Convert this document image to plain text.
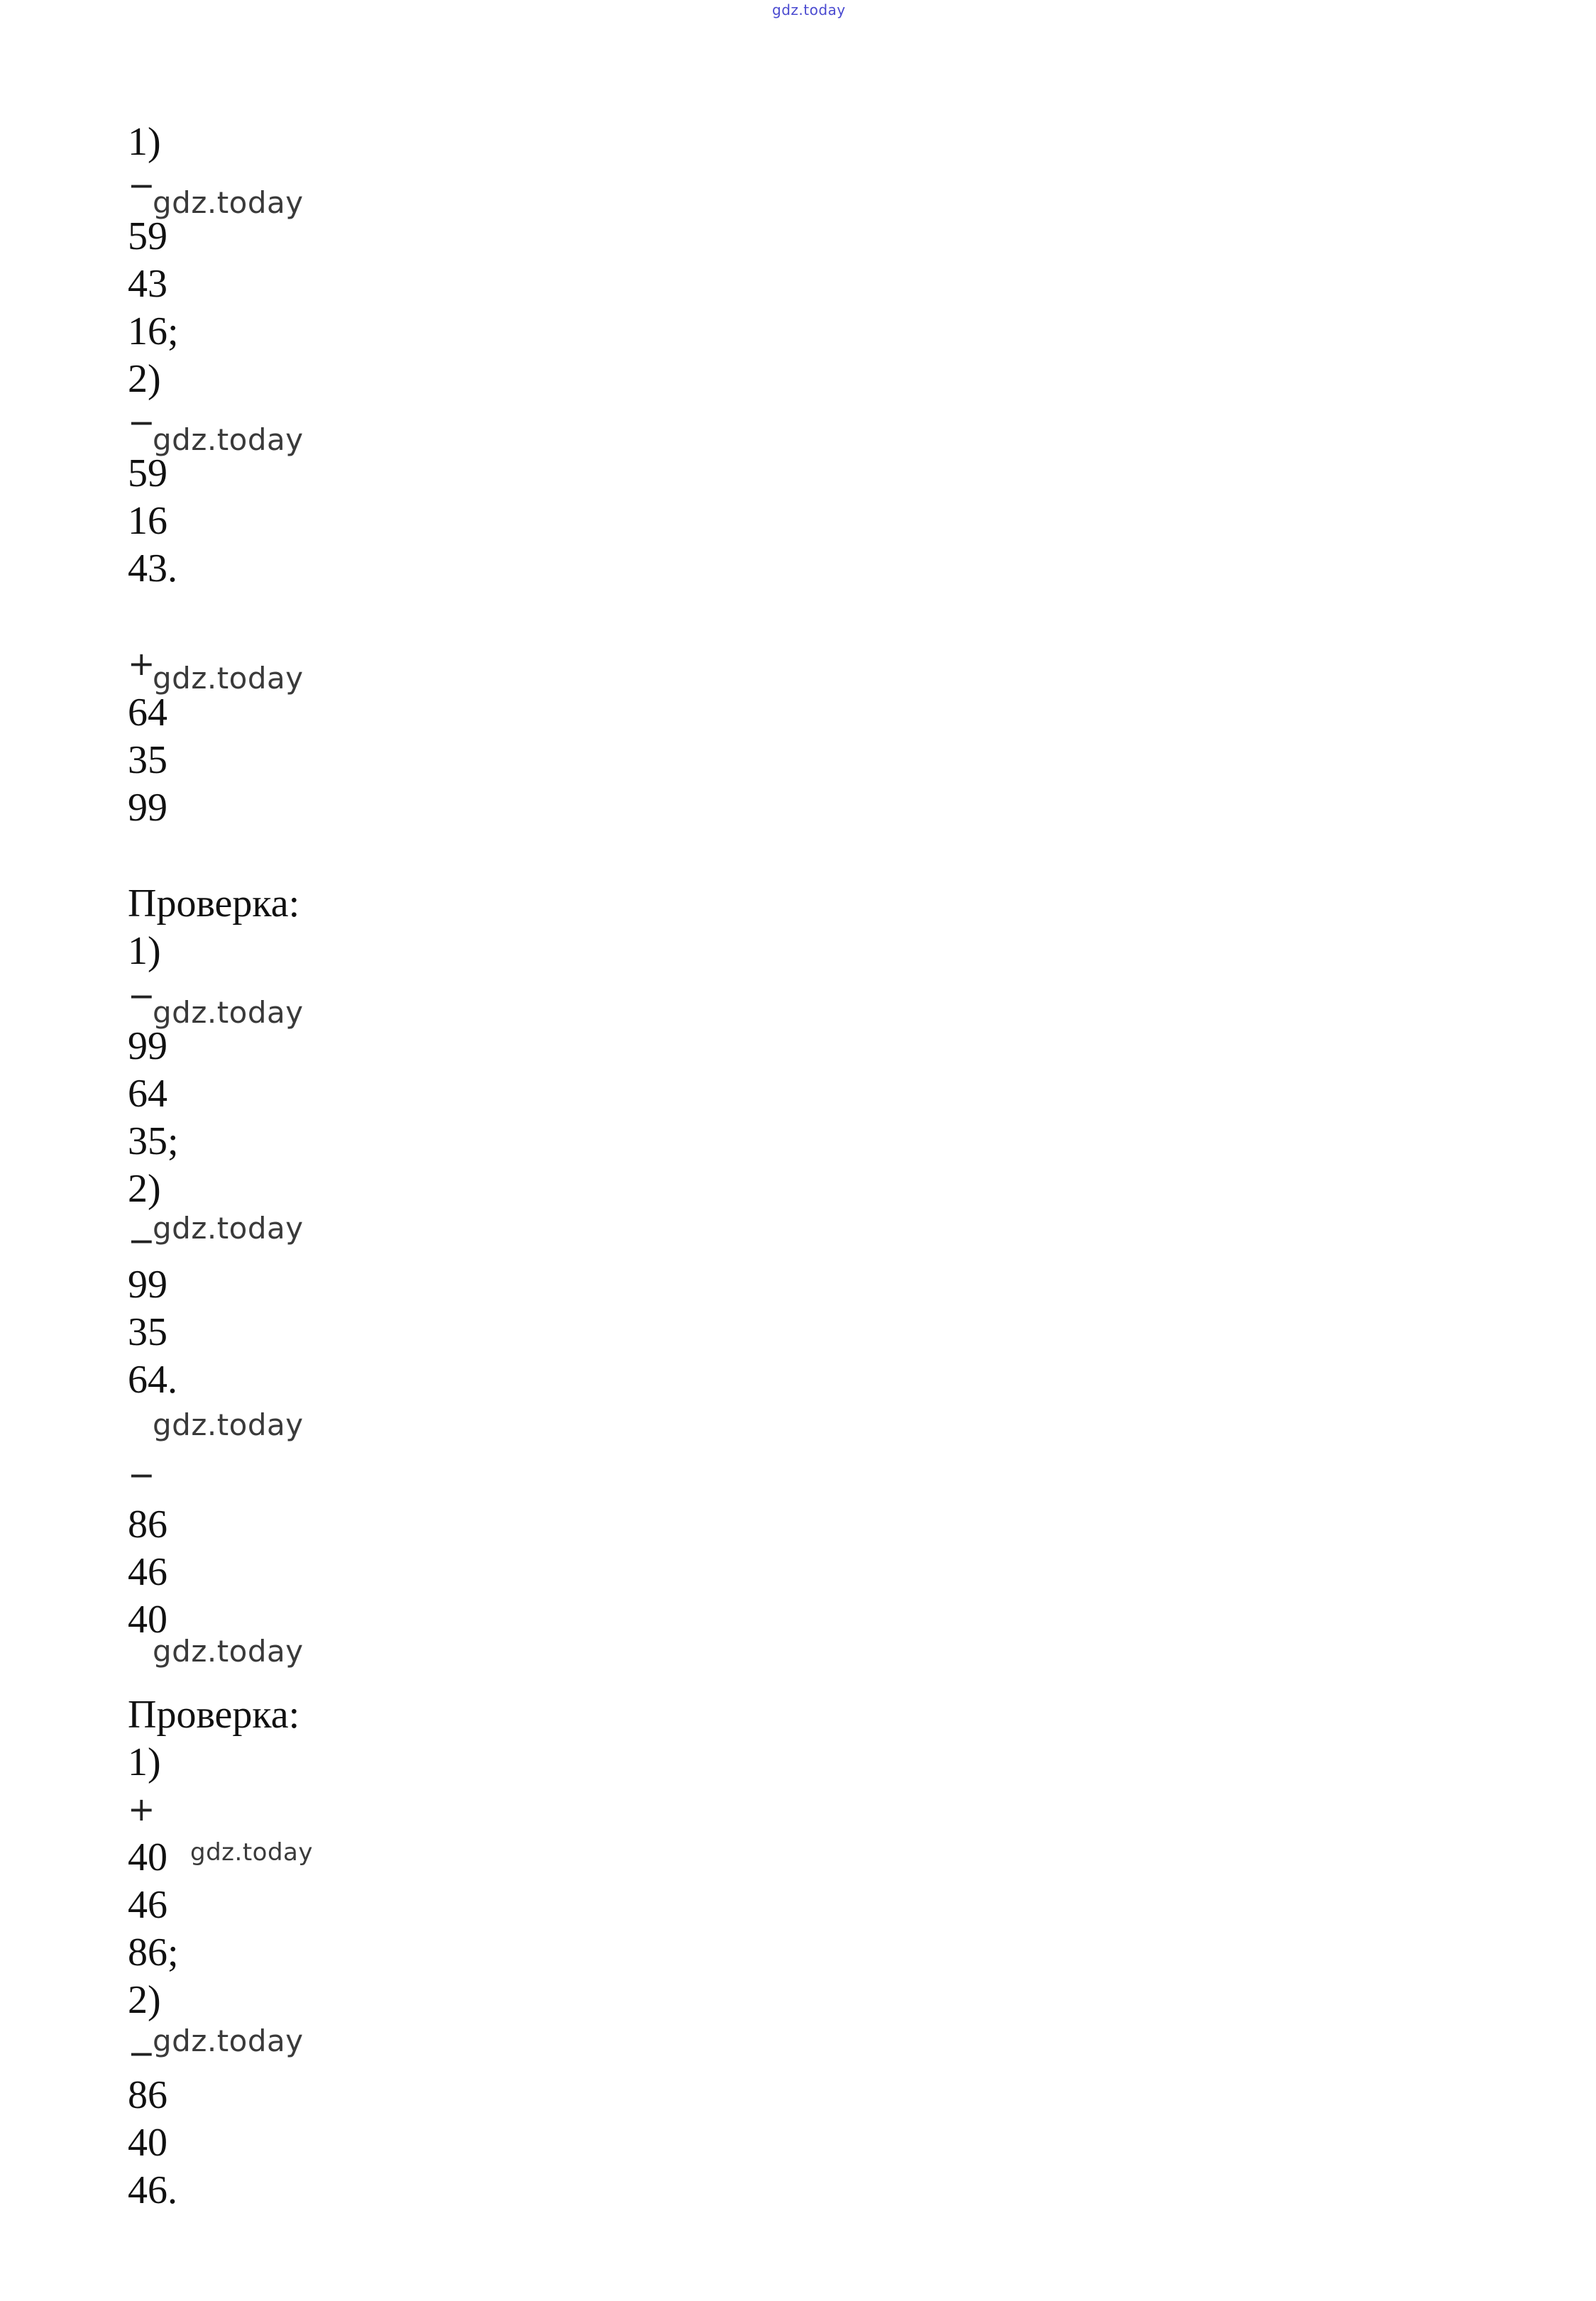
gdz.today
1)
−
gdz.today
59
43
16;
2)
−
gdz.today
59
16
43.
+
gdz.today
64
35
99
Проверка:
1)
−
gdz.today
99
64
35;
2)
−
gdz.today
99
35
64.
gdz.today
−
86
46
40
gdz.today
Проверка:
1)
+
40 gdz.today
46
86;
2)
−
gdz.today
86
40
46.
